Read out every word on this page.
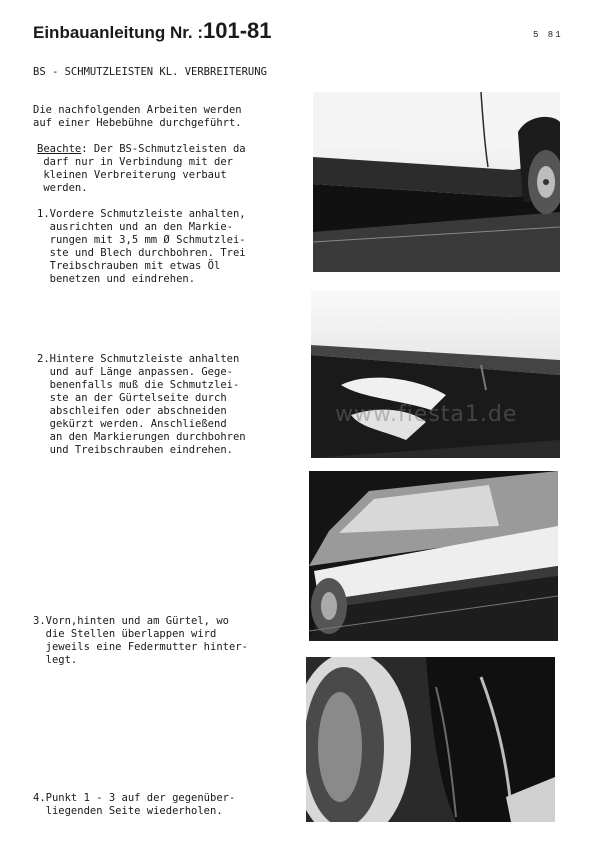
Einbauanleitung Nr. :101-81	5 81
BS - SCHMUTZLEISTEN KL. VERBREITERUNG
Die nachfolgenden Arbeiten werden
auf einer Hebebühne durchgeführt.
Beachte: Der BS-Schmutzleisten da
darf nur in Verbindung mit der
kleinen Verbreiterung verbaut
werden.
1.Vordere Schmutzleiste anhalten,
ausrichten und an den Markie-
rungen mit 3,5 mm Ø Schmutzlei-
ste und Blech durchbohren. Trei
Treibschrauben mit etwas Öl
benetzen und eindrehen.
2.Hintere Schmutzleiste anhalten
und auf Länge anpassen. Gege-
benenfalls muß die Schmutzlei-
ste an der Gürtelseite durch
abschleifen oder abschneiden
gekürzt werden. Anschließend
an den Markierungen durchbohren
und Treibschrauben eindrehen.
3.Vorn,hinten und am Gürtel, wo
die Stellen überlappen wird
jeweils eine Federmutter hinter-
legt.
4.Punkt 1 - 3 auf der gegenüber-
liegenden Seite wiederholen.
www.fiesta1.de
